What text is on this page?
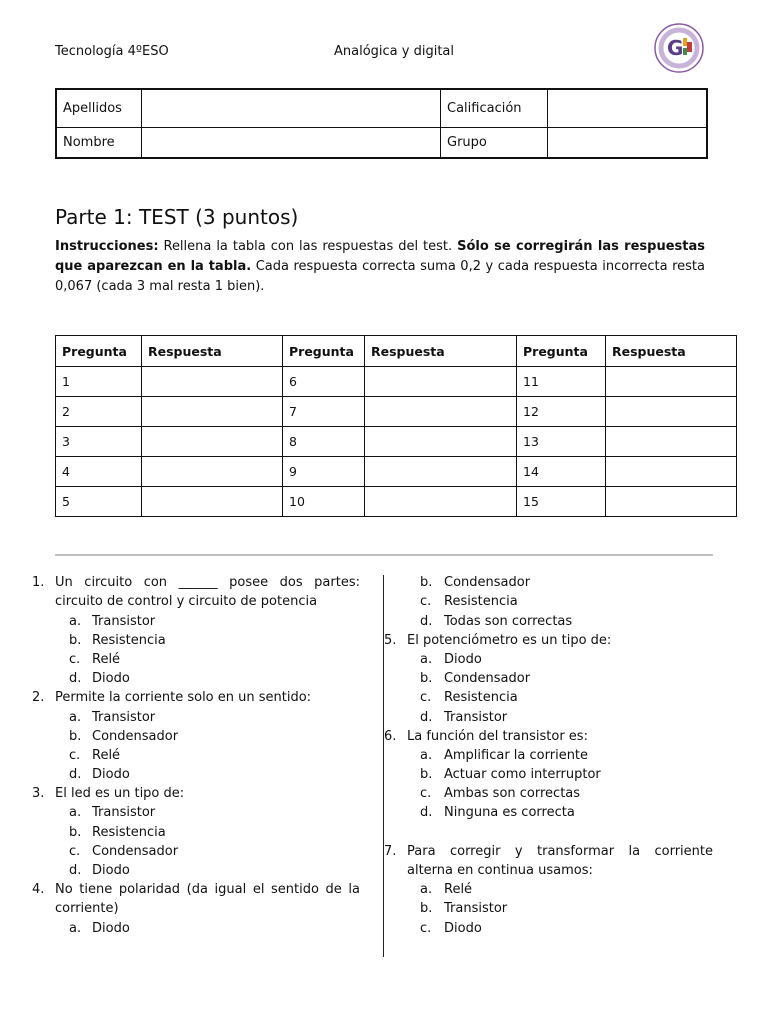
Tecnología 4ºESO	Analógica y digital	G
Apellidos		Calificación	
Nombre		Grupo	
Parte 1: TEST (3 puntos)
Instrucciones: Rellena la tabla con las respuestas del test. Sólo se corregirán las respuestas que aparezcan en la tabla. Cada respuesta correcta suma 0,2 y cada respuesta incorrecta resta 0,067 (cada 3 mal resta 1 bien).
Pregunta	Respuesta	Pregunta	Respuesta	Pregunta	Respuesta
1		6		11	
2		7		12	
3		8		13	
4		9		14	
5		10		15	
1. Un circuito con ______ posee dos partes:
circuito de control y circuito de potencia
a. Transistor
b. Resistencia
c. Relé
d. Diodo
2. Permite la corriente solo en un sentido:
a. Transistor
b. Condensador
c. Relé
d. Diodo
3. El led es un tipo de:
a. Transistor
b. Resistencia
c. Condensador
d. Diodo
4. No tiene polaridad (da igual el sentido de la
corriente)
a. Diodo
b. Condensador
c. Resistencia
d. Todas son correctas
5. El potenciómetro es un tipo de:
a. Diodo
b. Condensador
c. Resistencia
d. Transistor
6. La función del transistor es:
a. Amplificar la corriente
b. Actuar como interruptor
c. Ambas son correctas
d. Ninguna es correcta
7. Para corregir y transformar la corriente
alterna en continua usamos:
a. Relé
b. Transistor
c. Diodo
